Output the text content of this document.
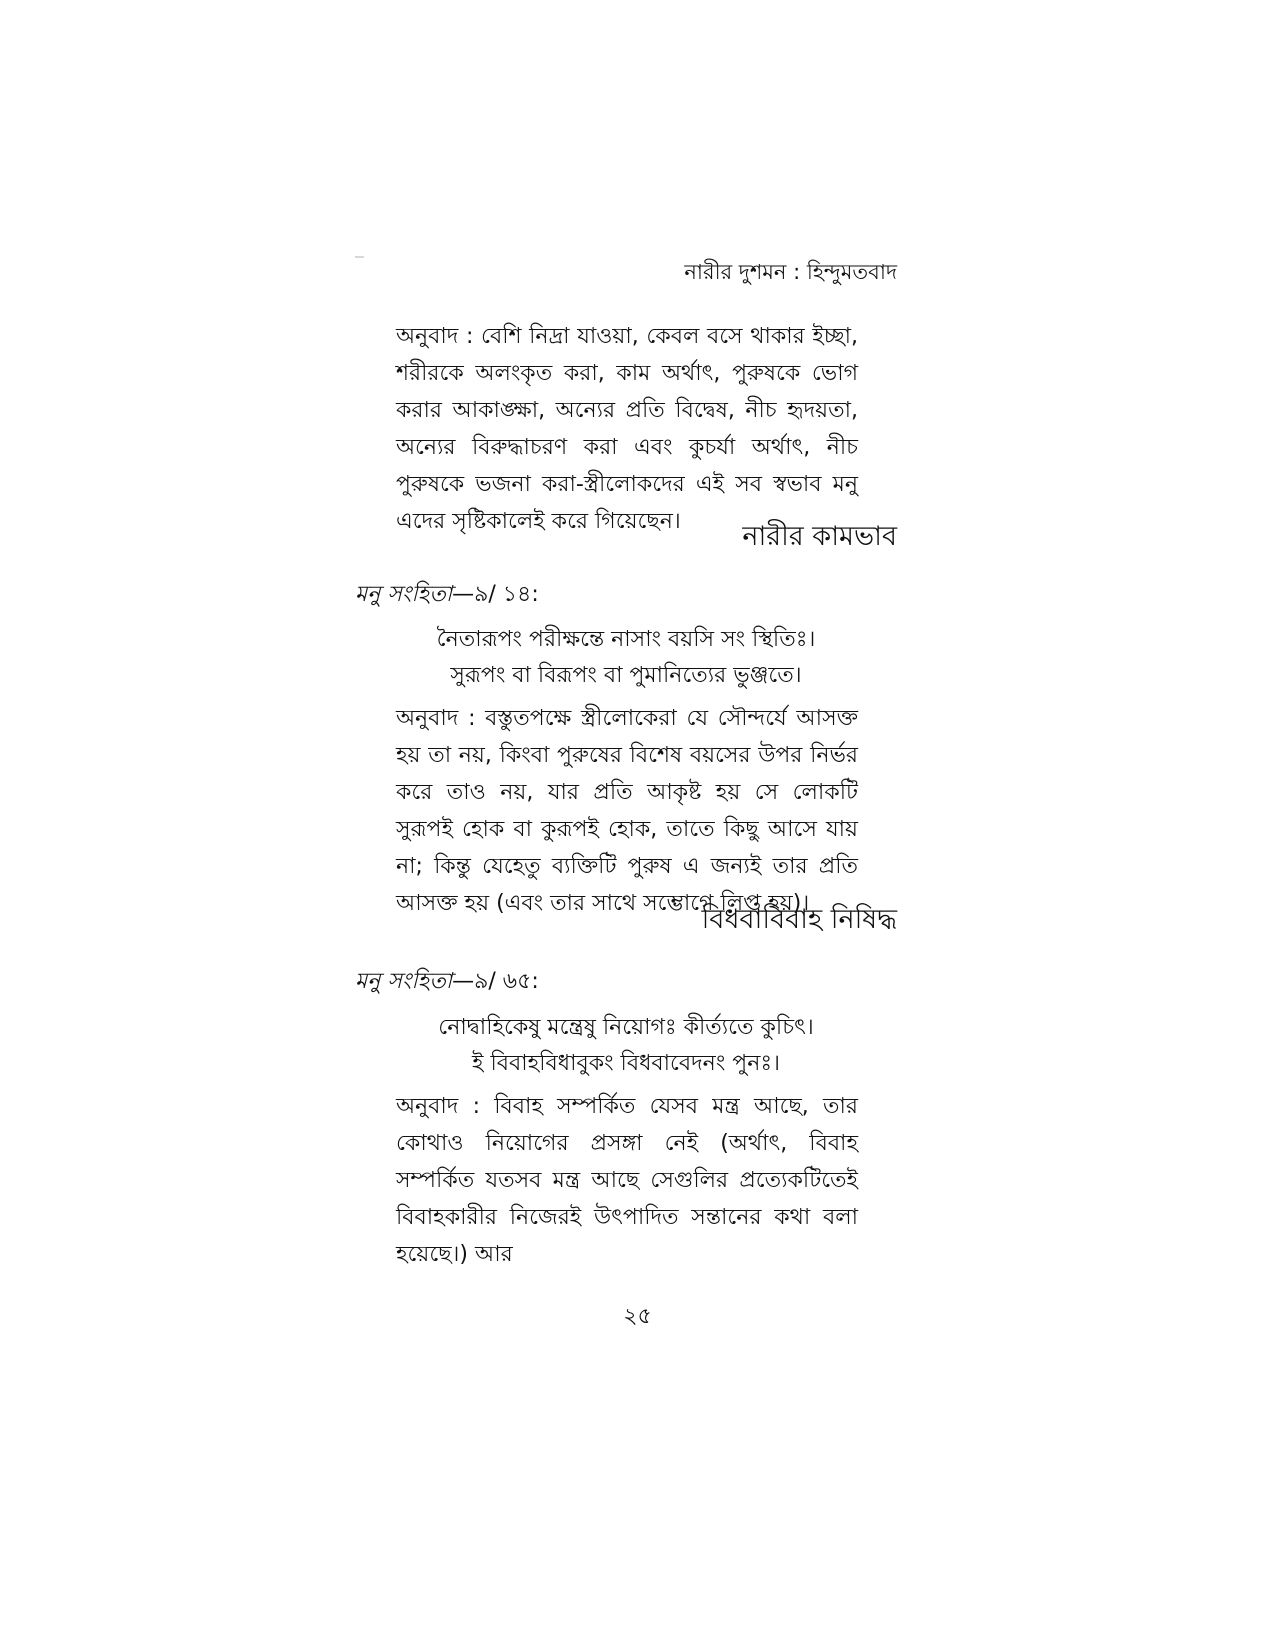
নারীর দুশমন : হিন্দুমতবাদ

অনুবাদ : বেশি নিদ্রা যাওয়া, কেবল বসে থাকার ইচ্ছা, শরীরকে অলংকৃত করা, কাম অর্থাৎ, পুরুষকে ভোগ করার আকাঙ্ক্ষা, অন্যের প্রতি বিদ্বেষ, নীচ হৃদয়তা, অন্যের বিরুদ্ধাচরণ করা এবং কুচর্যা অর্থাৎ, নীচ পুরুষকে ভজনা করা-স্ত্রীলোকদের এই সব স্বভাব মনু এদের সৃষ্টিকালেই করে গিয়েছেন।	নারীর কামভাব
মনু সংহিতা—৯/ ১৪:
নৈতারূপং পরীক্ষন্তে নাসাং বয়সি সং স্থিতিঃ।
সুরূপং বা বিরূপং বা পুমানিত্যের ভুঞ্জতে।

অনুবাদ : বস্তুতপক্ষে স্ত্রীলোকেরা যে সৌন্দর্যে আসক্ত হয় তা নয়, কিংবা পুরুষের বিশেষ বয়সের উপর নির্ভর করে তাও নয়, যার প্রতি আকৃষ্ট হয় সে লোকটি সুরূপই হোক বা কুরূপই হোক, তাতে কিছু আসে যায় না; কিন্তু যেহেতু ব্যক্তিটি পুরুষ এ জন্যই তার প্রতি আসক্ত হয় (এবং তার সাথে সম্ভোগে লিপ্ত হয়)।

বিধবাবিবাহ নিষিদ্ধ
মনু সংহিতা—৯/ ৬৫:
নোদ্বাহিকেষু মন্ত্রেষু নিয়োগঃ কীর্ত্যতে কুচিৎ।
ই বিবাহবিধাবুকং বিধবাবেদনং পুনঃ।

অনুবাদ : বিবাহ সম্পর্কিত যেসব মন্ত্র আছে, তার কোথাও নিয়োগের প্রসঙ্গা নেই (অর্থাৎ, বিবাহ সম্পর্কিত যতসব মন্ত্র আছে সেগুলির প্রত্যেকটিতেই বিবাহকারীর নিজেরই উৎপাদিত সন্তানের কথা বলা হয়েছে।) আর

২৫
